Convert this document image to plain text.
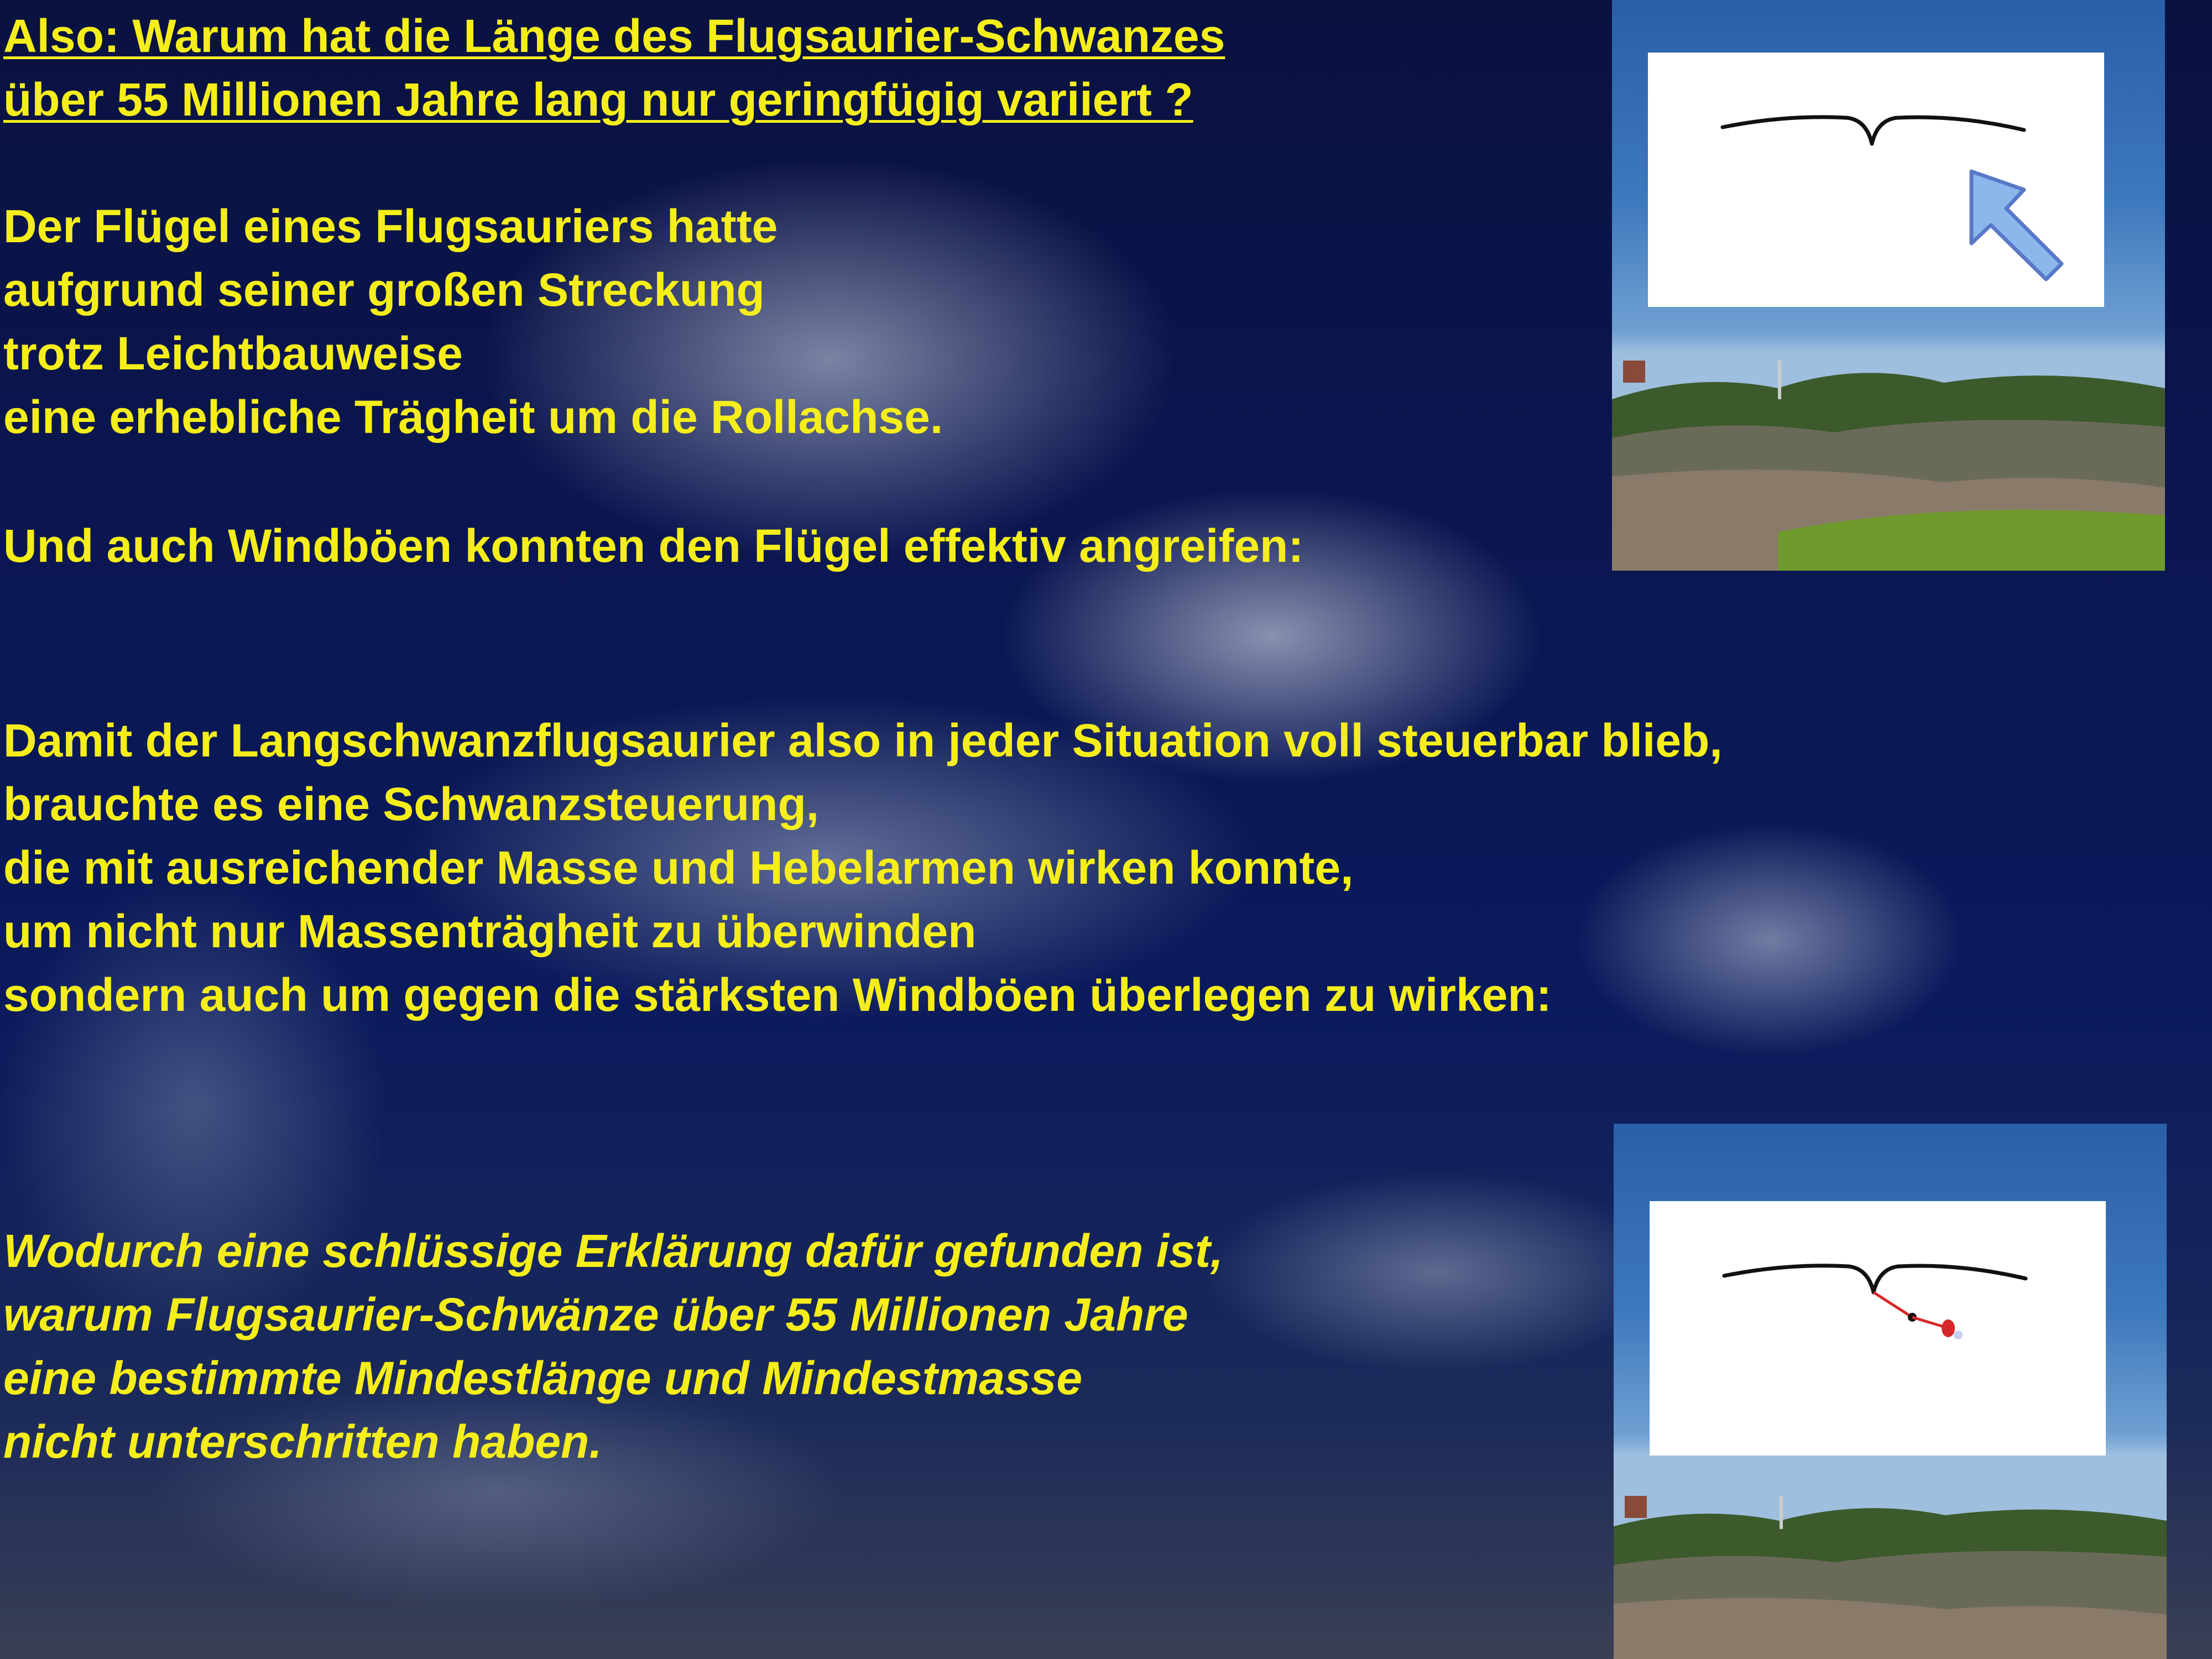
Also: Warum hat die Länge des Flugsaurier-Schwanzes
über 55 Millionen Jahre lang nur geringfügig variiert ?
Der Flügel eines Flugsauriers hatte
aufgrund seiner großen Streckung
trotz Leichtbauweise
eine erhebliche Trägheit um die Rollachse.
Und auch Windböen konnten den Flügel effektiv angreifen:
Damit der Langschwanzflugsaurier also in jeder Situation voll steuerbar blieb,
brauchte es eine Schwanzsteuerung,
die mit ausreichender Masse und Hebelarmen wirken konnte,
um nicht nur Massenträgheit zu überwinden
sondern auch um gegen die stärksten Windböen überlegen zu wirken:
Wodurch eine schlüssige Erklärung dafür gefunden ist,
warum Flugsaurier-Schwänze über 55 Millionen Jahre
eine bestimmte Mindestlänge und Mindestmasse
nicht unterschritten haben.
